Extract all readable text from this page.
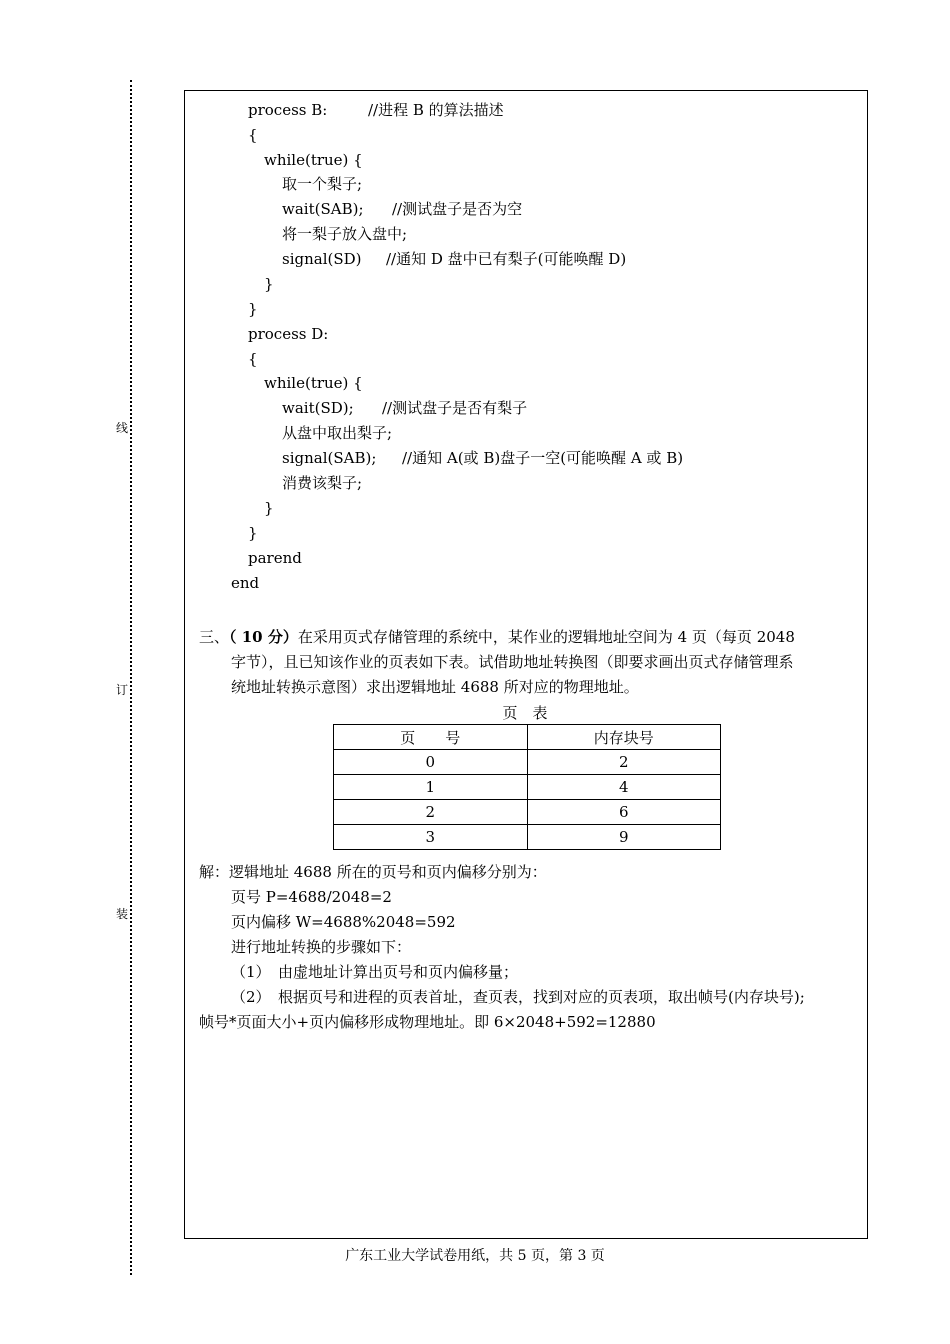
线
订
装
process B:	//进程 B 的算法描述
{
while(true) {
取一个梨子;
wait(SAB); //测试盘子是否为空
将一梨子放入盘中;
signal(SD) //通知 D 盘中已有梨子(可能唤醒 D)
}
}
process D:
{
while(true) {
wait(SD); //测试盘子是否有梨子
从盘中取出梨子;
signal(SAB); //通知 A(或 B)盘子一空(可能唤醒 A 或 B)
消费该梨子;
}
}
parend
end
三、（ 10 分）在采用页式存储管理的系统中，某作业的逻辑地址空间为 4 页（每页 2048
字节），且已知该作业的页表如下表。试借助地址转换图（即要求画出页式存储管理系
统地址转换示意图）求出逻辑地址 4688 所对应的物理地址。
页　表
页　　号	内存块号
0	2
1	4
2	6
3	9
解：逻辑地址 4688 所在的页号和页内偏移分别为：
页号 P=4688/2048=2
页内偏移 W=4688%2048=592
进行地址转换的步骤如下：
（1）　由虚地址计算出页号和页内偏移量；
（2）　根据页号和进程的页表首址，查页表，找到对应的页表项，取出帧号(内存块号);
帧号*页面大小+页内偏移形成物理地址。即 6×2048+592=12880
广东工业大学试卷用纸，共 5 页，第 3 页
